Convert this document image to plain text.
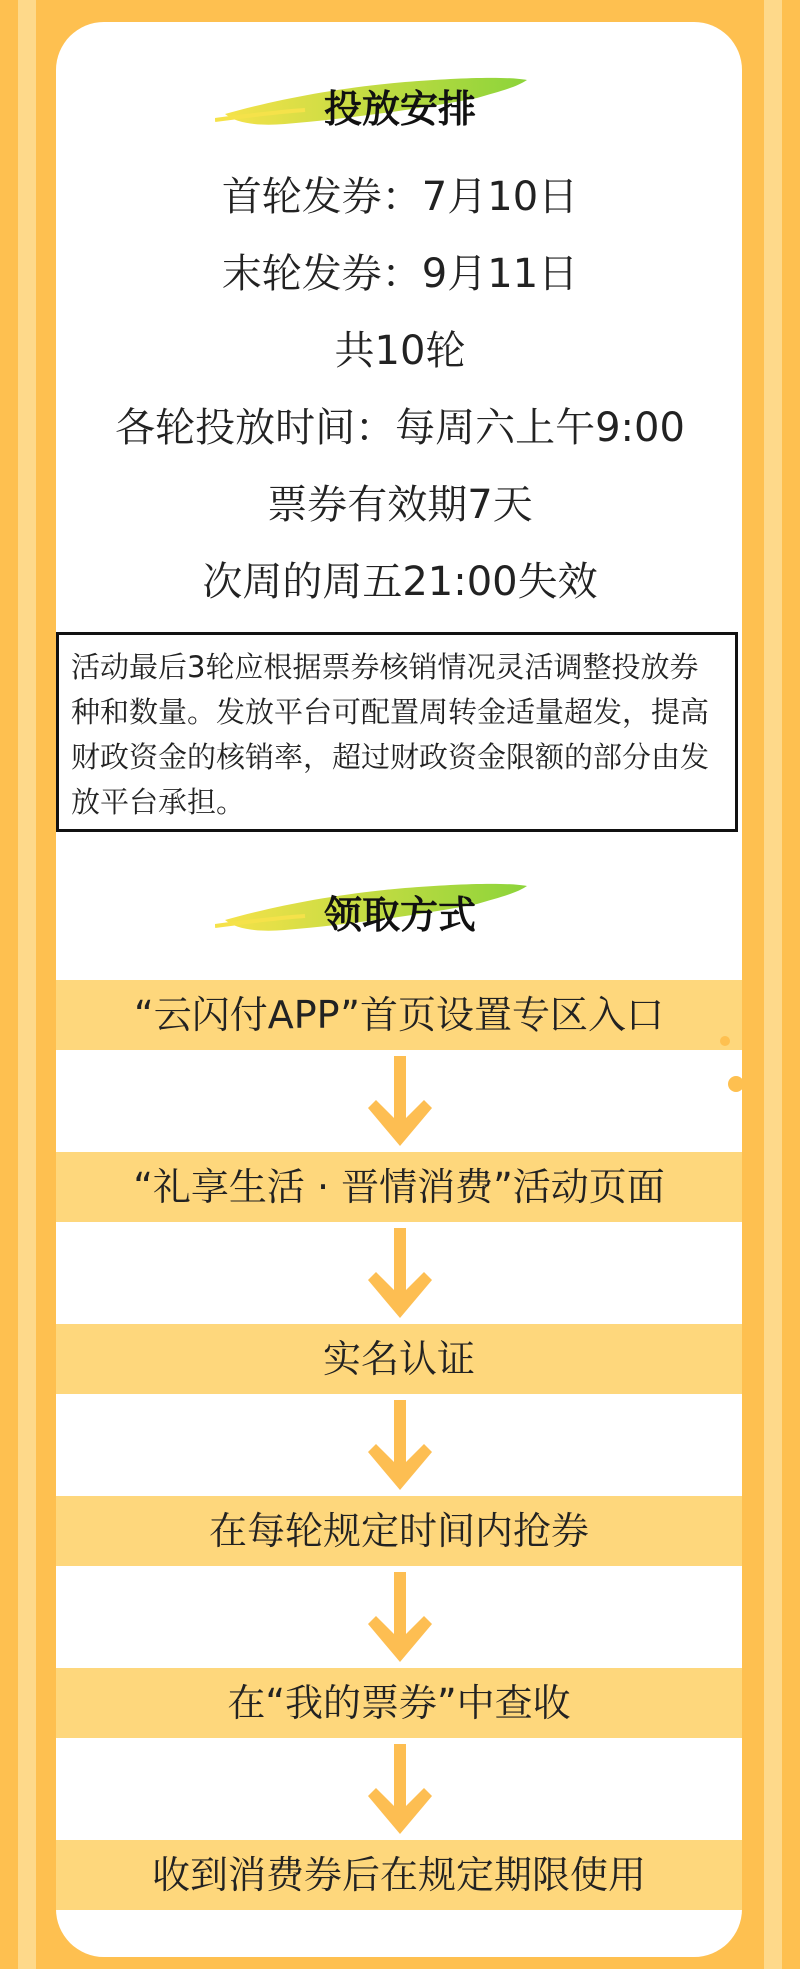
投放安排
首轮发券：7月10日
末轮发券：9月11日
共10轮
各轮投放时间：每周六上午9:00
票券有效期7天
次周的周五21:00失效
活动最后3轮应根据票券核销情况灵活调整投放券种和数量。发放平台可配置周转金适量超发，提高财政资金的核销率，超过财政资金限额的部分由发放平台承担。
领取方式
“云闪付APP”首页设置专区入口
“礼享生活 · 晋情消费”活动页面
实名认证
在每轮规定时间内抢券
在“我的票券”中查收
收到消费券后在规定期限使用
